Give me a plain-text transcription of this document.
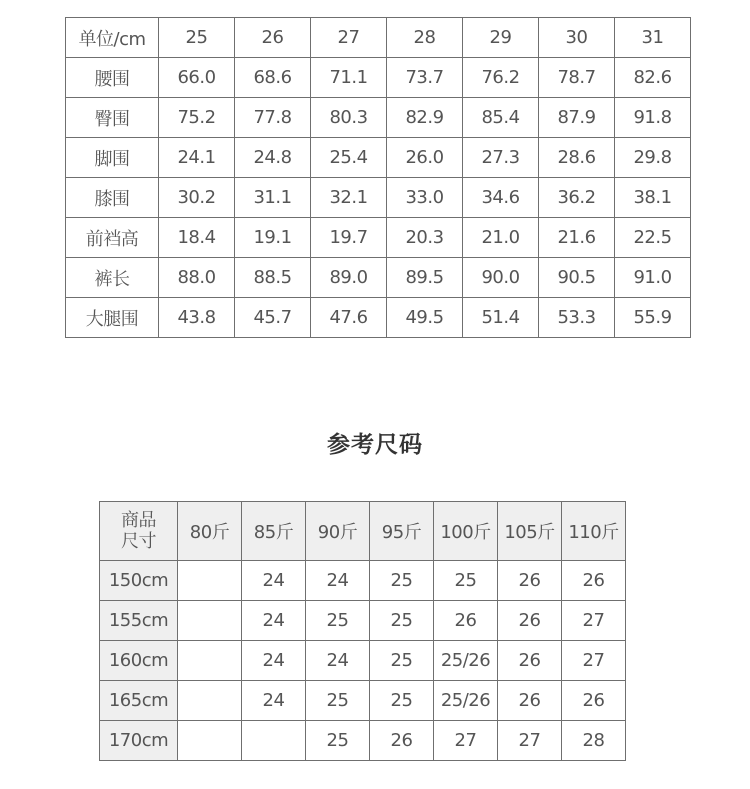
单位/cm	25	26	27	28	29	30	31
腰围	66.0	68.6	71.1	73.7	76.2	78.7	82.6
臀围	75.2	77.8	80.3	82.9	85.4	87.9	91.8
脚围	24.1	24.8	25.4	26.0	27.3	28.6	29.8
膝围	30.2	31.1	32.1	33.0	34.6	36.2	38.1
前裆高	18.4	19.1	19.7	20.3	21.0	21.6	22.5
裤长	88.0	88.5	89.0	89.5	90.0	90.5	91.0
大腿围	43.8	45.7	47.6	49.5	51.4	53.3	55.9
参考尺码
商品
尺寸	80斤	85斤	90斤	95斤	100斤	105斤	110斤
150cm		24	24	25	25	26	26
155cm		24	25	25	26	26	27
160cm		24	24	25	25/26	26	27
165cm		24	25	25	25/26	26	26
170cm			25	26	27	27	28
